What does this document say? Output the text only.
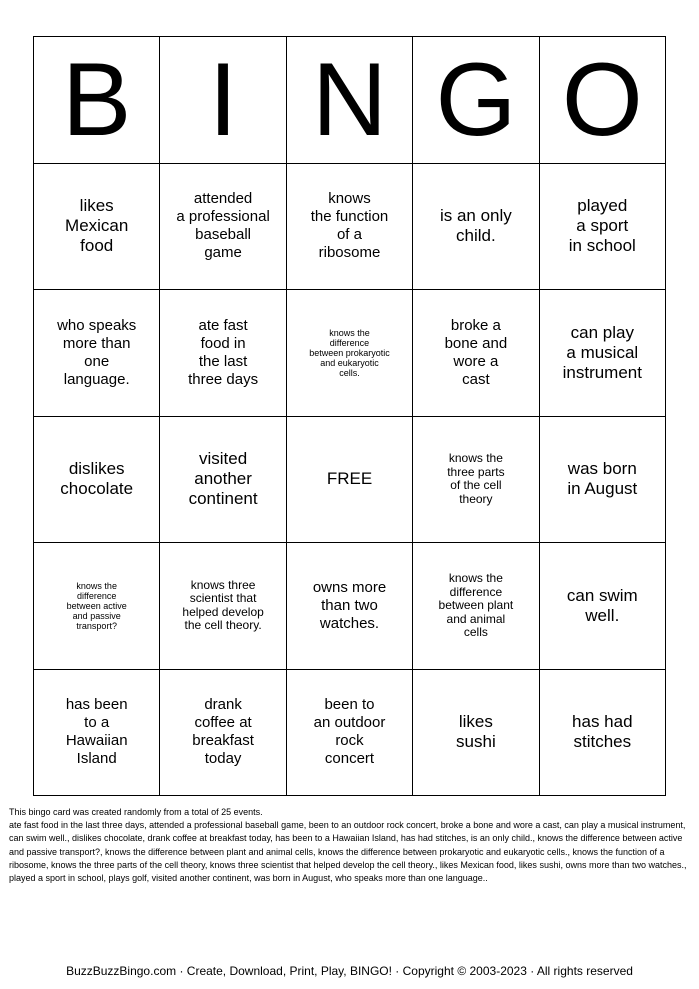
B I N G O
likes
Mexican
food
attended
a professional
baseball
game
knows
the function
of a
ribosome
is an only
child.
played
a sport
in school
who speaks
more than
one
language.
ate fast
food in
the last
three days
knows the
difference
between prokaryotic
and eukaryotic
cells.
broke a
bone and
wore a
cast
can play
a musical
instrument
dislikes
chocolate
visited
another
continent
FREE
knows the
three parts
of the cell
theory
was born
in August
knows the
difference
between active
and passive
transport?
knows three
scientist that
helped develop
the cell theory.
owns more
than two
watches.
knows the
difference
between plant
and animal
cells
can swim
well.
has been
to a
Hawaiian
Island
drank
coffee at
breakfast
today
been to
an outdoor
rock
concert
likes
sushi
has had
stitches

This bingo card was created randomly from a total of 25 events.

ate fast food in the last three days, attended a professional baseball game, been to an outdoor rock concert, broke a bone and wore a cast, can play a musical instrument, can swim well., dislikes chocolate, drank coffee at breakfast today, has been to a Hawaiian Island, has had stitches, is an only child., knows the difference between active and passive transport?, knows the difference between plant and animal cells, knows the difference between prokaryotic and eukaryotic cells., knows the function of a ribosome, knows the three parts of the cell theory, knows three scientist that helped develop the cell theory., likes Mexican food, likes sushi, owns more than two watches., played a sport in school, plays golf, visited another continent, was born in August, who speaks more than one language..

BuzzBuzzBingo.com · Create, Download, Print, Play, BINGO! · Copyright © 2003-2023 · All rights reserved
